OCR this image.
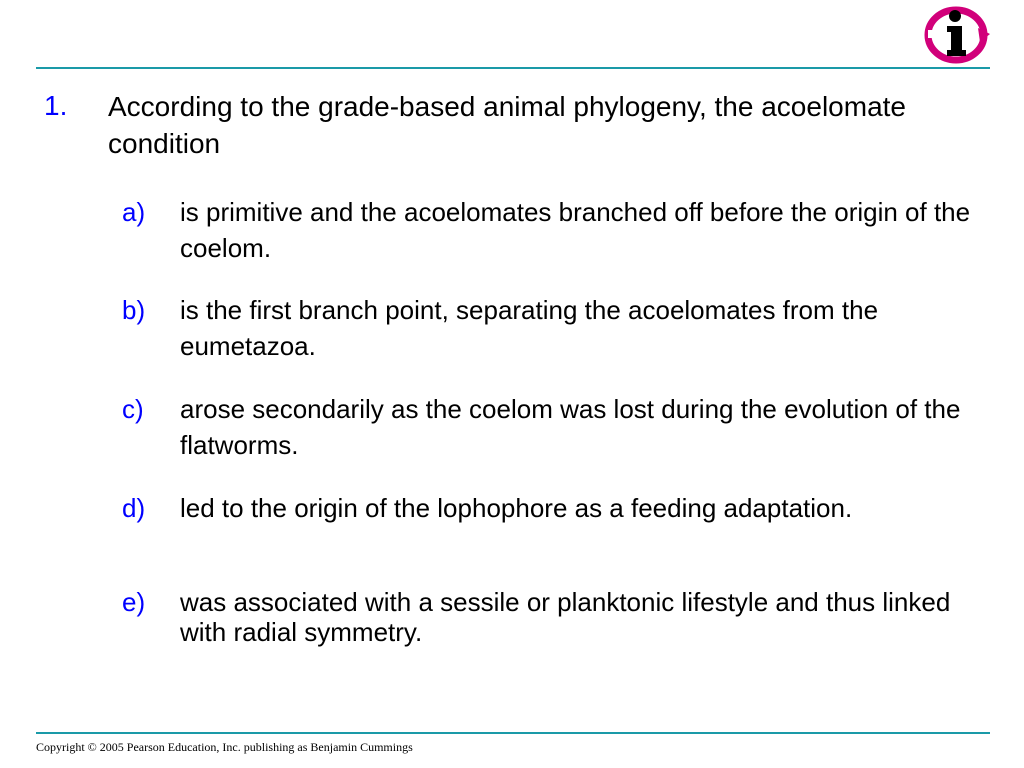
1. According to the grade-based animal phylogeny, the acoelomate condition
a) is primitive and the acoelomates branched off before the origin of the coelom.
b) is the first branch point, separating the acoelomates from the eumetazoa.
c) arose secondarily as the coelom was lost during the evolution of the flatworms.
d) led to the origin of the lophophore as a feeding adaptation.
e) was associated with a sessile or planktonic lifestyle and thus linked with radial symmetry.
Copyright © 2005 Pearson Education, Inc. publishing as Benjamin Cummings
